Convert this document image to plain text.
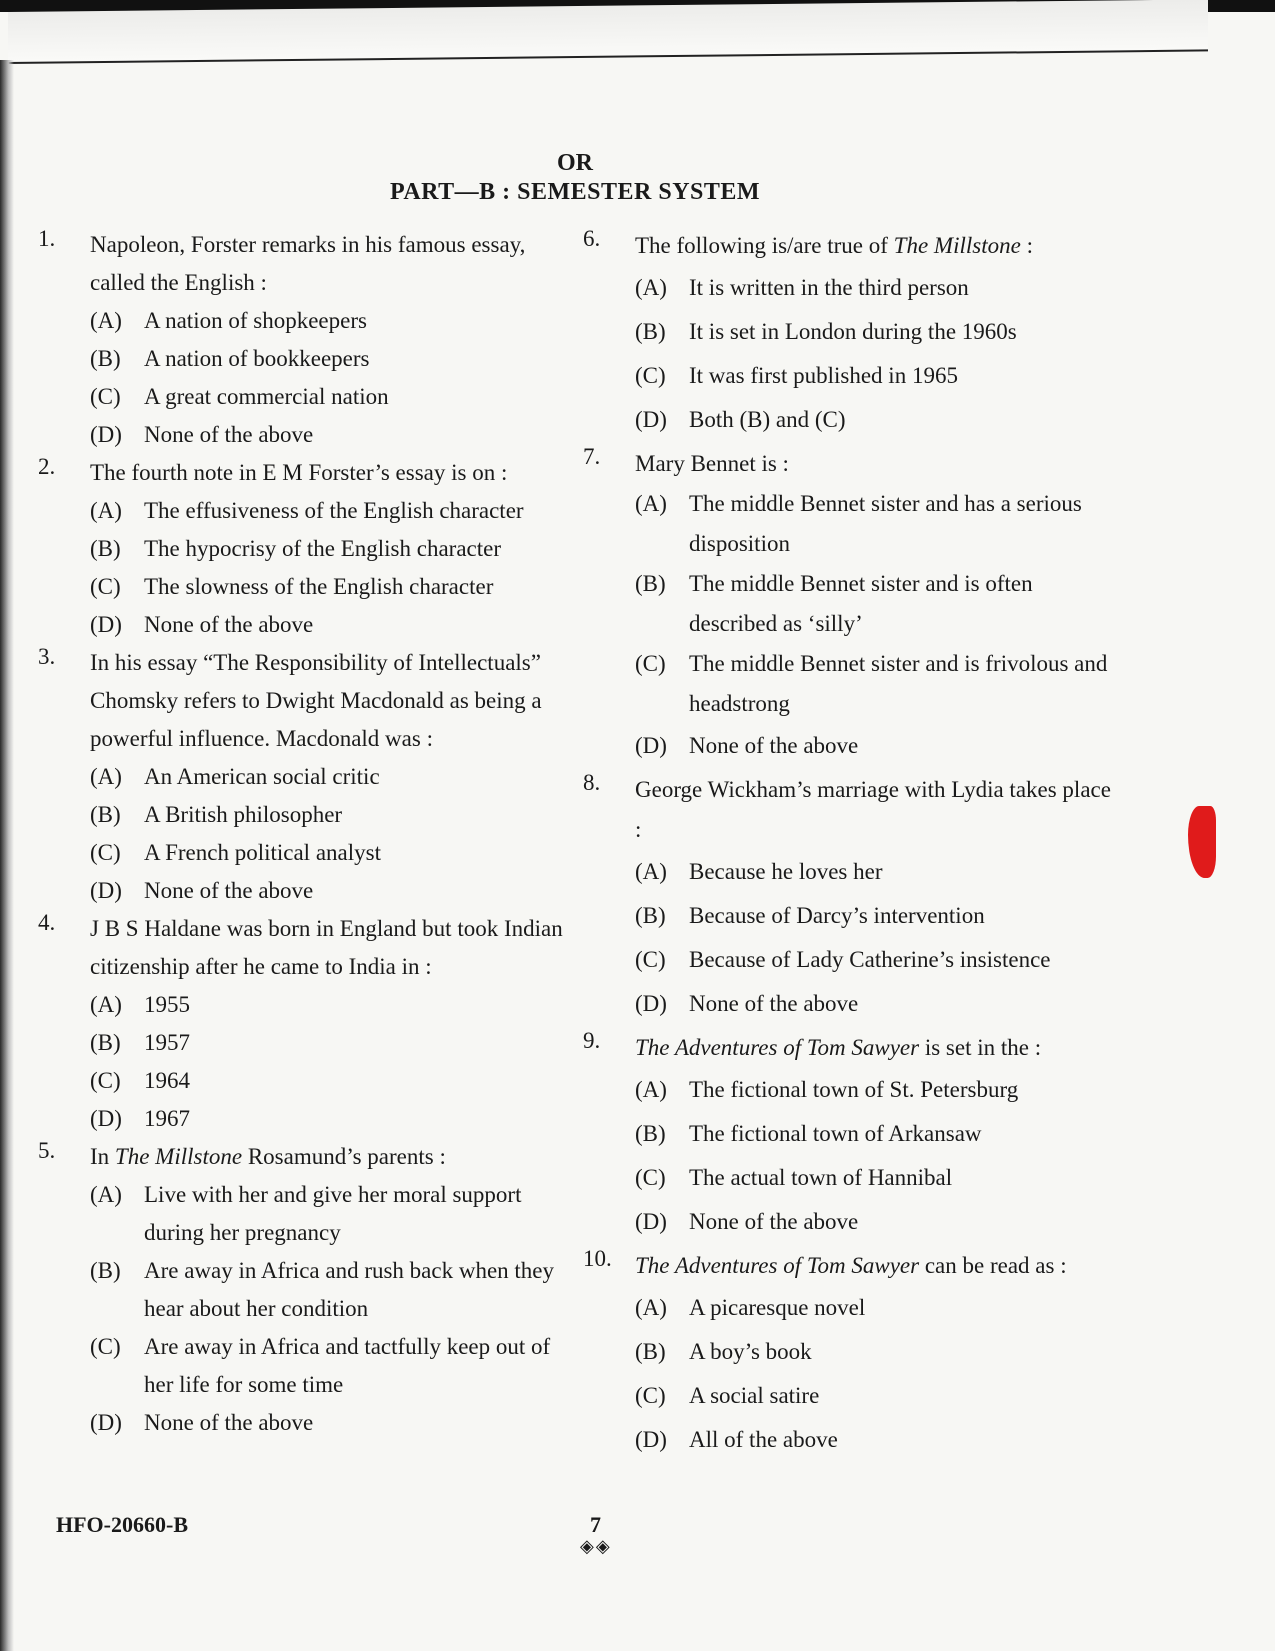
OR
PART—B : SEMESTER SYSTEM
1. Napoleon, Forster remarks in his famous essay, called the English :
(A) A nation of shopkeepers
(B) A nation of bookkeepers
(C) A great commercial nation
(D) None of the above
2. The fourth note in E M Forster’s essay is on :
(A) The effusiveness of the English character
(B) The hypocrisy of the English character
(C) The slowness of the English character
(D) None of the above
3. In his essay “The Responsibility of Intellectuals” Chomsky refers to Dwight Macdonald as being a powerful influence. Macdonald was :
(A) An American social critic
(B) A British philosopher
(C) A French political analyst
(D) None of the above
4. J B S Haldane was born in England but took Indian citizenship after he came to India in :
(A) 1955
(B) 1957
(C) 1964
(D) 1967
5. In The Millstone Rosamund’s parents :
(A) Live with her and give her moral support during her pregnancy
(B) Are away in Africa and rush back when they hear about her condition
(C) Are away in Africa and tactfully keep out of her life for some time
(D) None of the above
6. The following is/are true of The Millstone :
(A) It is written in the third person
(B) It is set in London during the 1960s
(C) It was first published in 1965
(D) Both (B) and (C)
7. Mary Bennet is :
(A) The middle Bennet sister and has a serious disposition
(B) The middle Bennet sister and is often described as ‘silly’
(C) The middle Bennet sister and is frivolous and headstrong
(D) None of the above
8. George Wickham’s marriage with Lydia takes place :
(A) Because he loves her
(B) Because of Darcy’s intervention
(C) Because of Lady Catherine’s insistence
(D) None of the above
9. The Adventures of Tom Sawyer is set in the :
(A) The fictional town of St. Petersburg
(B) The fictional town of Arkansaw
(C) The actual town of Hannibal
(D) None of the above
10. The Adventures of Tom Sawyer can be read as :
(A) A picaresque novel
(B) A boy’s book
(C) A social satire
(D) All of the above
HFO-20660-B	7
◈◈
